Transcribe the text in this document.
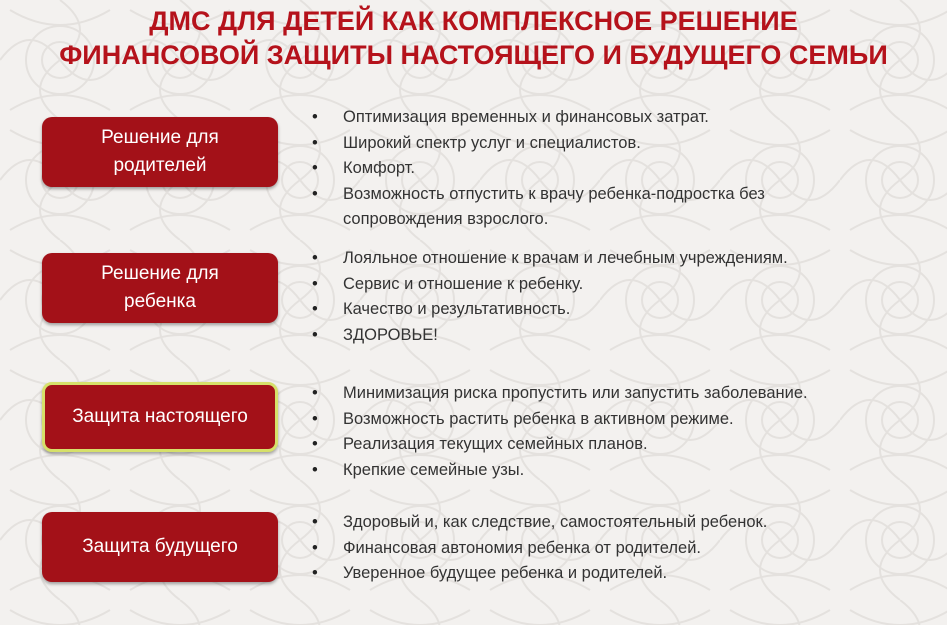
ДМС ДЛЯ ДЕТЕЙ КАК КОМПЛЕКСНОЕ РЕШЕНИЕ
ФИНАНСОВОЙ ЗАЩИТЫ НАСТОЯЩЕГО И БУДУЩЕГО СЕМЬИ
Решение для
родителей
• Оптимизация временных и финансовых затрат.
• Широкий спектр услуг и специалистов.
• Комфорт.
• Возможность отпустить к врачу ребенка-подростка без
сопровождения взрослого.
Решение для
ребенка
• Лояльное отношение к врачам и лечебным учреждениям.
• Сервис и отношение к ребенку.
• Качество и результативность.
• ЗДОРОВЬЕ!
Защита настоящего
• Минимизация риска пропустить или запустить заболевание.
• Возможность растить ребенка в активном режиме.
• Реализация текущих семейных планов.
• Крепкие семейные узы.
Защита будущего
• Здоровый и, как следствие, самостоятельный ребенок.
• Финансовая автономия ребенка от родителей.
• Уверенное будущее ребенка и родителей.
